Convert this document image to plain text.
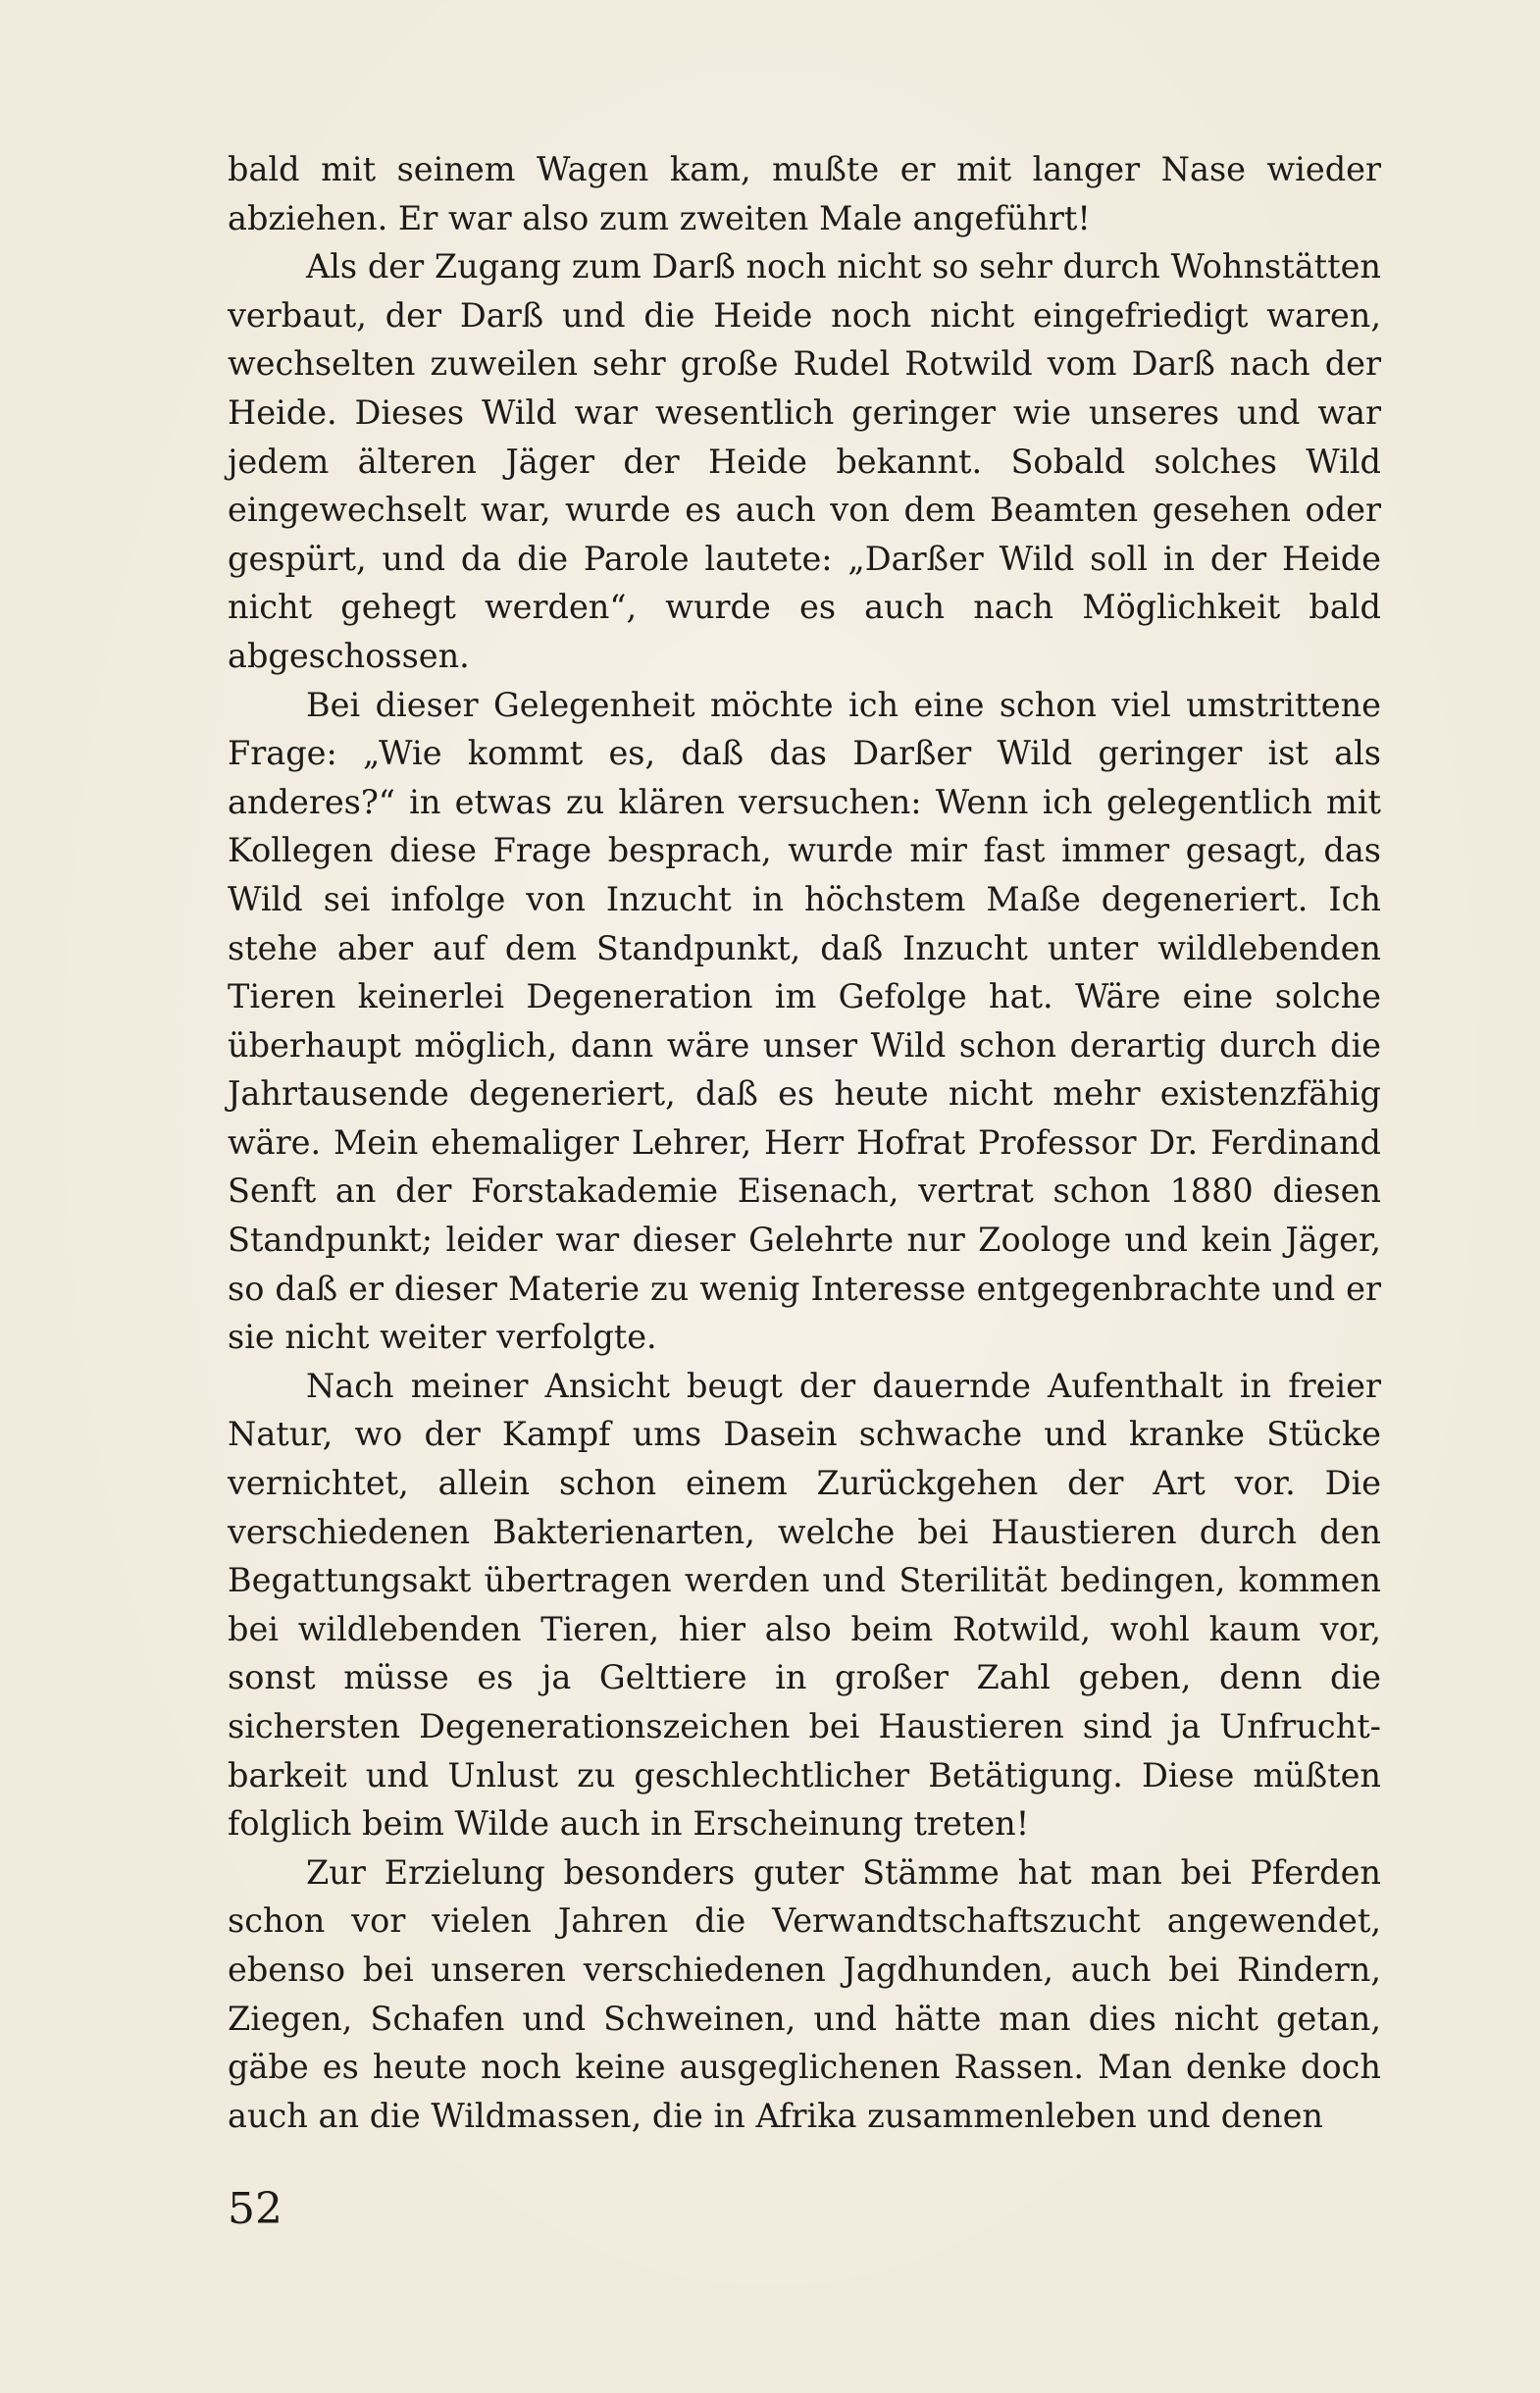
bald mit seinem Wagen kam, mußte er mit langer Nase wieder abziehen. Er war also zum zweiten Male angeführt!

Als der Zugang zum Darß noch nicht so sehr durch Wohnstätten verbaut, der Darß und die Heide noch nicht eingefriedigt waren, wechselten zuweilen sehr große Rudel Rotwild vom Darß nach der Heide. Dieses Wild war wesentlich geringer wie unseres und war jedem älteren Jäger der Heide bekannt. Sobald solches Wild eingewechselt war, wurde es auch von dem Beamten gesehen oder gespürt, und da die Parole lautete: „Darßer Wild soll in der Heide nicht gehegt werden“, wurde es auch nach Möglichkeit bald abgeschossen.

Bei dieser Gelegenheit möchte ich eine schon viel umstrittene Frage: „Wie kommt es, daß das Darßer Wild geringer ist als anderes?“ in etwas zu klären versuchen: Wenn ich gelegentlich mit Kollegen diese Frage besprach, wurde mir fast immer gesagt, das Wild sei infolge von Inzucht in höchstem Maße degeneriert. Ich stehe aber auf dem Standpunkt, daß Inzucht unter wildlebenden Tieren keinerlei Degeneration im Gefolge hat. Wäre eine solche überhaupt möglich, dann wäre unser Wild schon derartig durch die Jahrtausende degeneriert, daß es heute nicht mehr existenzfähig wäre. Mein ehemaliger Lehrer, Herr Hofrat Professor Dr. Ferdinand Senft an der Forstakademie Eisenach, vertrat schon 1880 diesen Standpunkt; leider war dieser Gelehrte nur Zoologe und kein Jäger, so daß er dieser Materie zu wenig Interesse entgegenbrachte und er sie nicht weiter verfolgte.

Nach meiner Ansicht beugt der dauernde Aufenthalt in freier Natur, wo der Kampf ums Dasein schwache und kranke Stücke vernichtet, allein schon einem Zurückgehen der Art vor. Die verschiedenen Bakterienarten, welche bei Haustieren durch den Begattungsakt übertragen werden und Sterilität bedingen, kommen bei wildlebenden Tieren, hier also beim Rotwild, wohl kaum vor, sonst müsse es ja Gelttiere in großer Zahl geben, denn die sichersten Degenerationszeichen bei Haustieren sind ja Unfruchtbarkeit und Unlust zu geschlechtlicher Betätigung. Diese müßten folglich beim Wilde auch in Erscheinung treten!

Zur Erzielung besonders guter Stämme hat man bei Pferden schon vor vielen Jahren die Verwandtschaftszucht angewendet, ebenso bei unseren verschiedenen Jagdhunden, auch bei Rindern, Ziegen, Schafen und Schweinen, und hätte man dies nicht getan, gäbe es heute noch keine ausgeglichenen Rassen. Man denke doch auch an die Wildmassen, die in Afrika zusammenleben und denen

52
